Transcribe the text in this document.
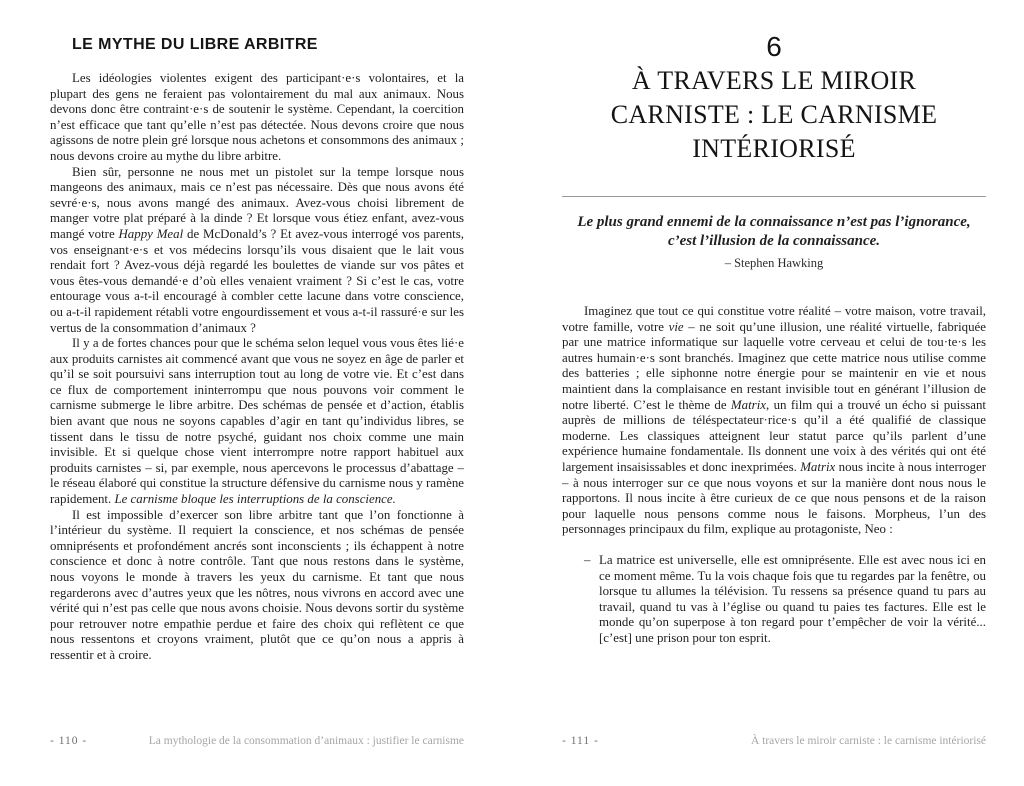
LE MYTHE DU LIBRE ARBITRE

Les idéologies violentes exigent des participant·e·s volontaires, et la plupart des gens ne feraient pas volontairement du mal aux animaux. Nous devons donc être contraint·e·s de soutenir le système. Cependant, la coercition n’est efficace que tant qu’elle n’est pas détectée. Nous devons croire que nous agissons de notre plein gré lorsque nous achetons et consommons des animaux ; nous devons croire au mythe du libre arbitre.

Bien sûr, personne ne nous met un pistolet sur la tempe lorsque nous mangeons des animaux, mais ce n’est pas nécessaire. Dès que nous avons été sevré·e·s, nous avons mangé des animaux. Avez-vous choisi librement de manger votre plat préparé à la dinde ? Et lorsque vous étiez enfant, avez-vous mangé votre Happy Meal de McDonald’s ? Et avez-vous interrogé vos parents, vos enseignant·e·s et vos médecins lorsqu’ils vous disaient que le lait vous rendait fort ? Avez-vous déjà regardé les boulettes de viande sur vos pâtes et vous êtes-vous demandé·e d’où elles venaient vraiment ? Si c’est le cas, votre entourage vous a-t-il encouragé à combler cette lacune dans votre conscience, ou a-t-il rapidement rétabli votre engourdissement et vous a-t-il rassuré·e sur les vertus de la consommation d’animaux ?

Il y a de fortes chances pour que le schéma selon lequel vous vous êtes lié·e aux produits carnistes ait commencé avant que vous ne soyez en âge de parler et qu’il se soit poursuivi sans interruption tout au long de votre vie. Et c’est dans ce flux de comportement ininterrompu que nous pouvons voir comment le carnisme submerge le libre arbitre. Des schémas de pensée et d’action, établis bien avant que nous ne soyons capables d’agir en tant qu’individus libres, se tissent dans le tissu de notre psyché, guidant nos choix comme une main invisible. Et si quelque chose vient interrompre notre rapport habituel aux produits carnistes – si, par exemple, nous apercevons le processus d’abattage – le réseau élaboré qui constitue la structure défensive du carnisme nous y ramène rapidement. Le carnisme bloque les interruptions de la conscience.

Il est impossible d’exercer son libre arbitre tant que l’on fonctionne à l’intérieur du système. Il requiert la conscience, et nos schémas de pensée omniprésents et profondément ancrés sont inconscients ; ils échappent à notre conscience et donc à notre contrôle. Tant que nous restons dans le système, nous voyons le monde à travers les yeux du carnisme. Et tant que nous regarderons avec d’autres yeux que les nôtres, nous vivrons en accord avec une vérité qui n’est pas celle que nous avons choisie. Nous devons sortir du système pour retrouver notre empathie perdue et faire des choix qui reflètent ce que nous ressentons et croyons vraiment, plutôt que ce qu’on nous a appris à ressentir et à croire.

- 110 -	La mythologie de la consommation d’animaux : justifier le carnisme
6
À TRAVERS LE MIROIR CARNISTE : LE CARNISME INTÉRIORISÉ
Le plus grand ennemi de la connaissance n’est pas l’ignorance, c’est l’illusion de la connaissance.
– Stephen Hawking

Imaginez que tout ce qui constitue votre réalité – votre maison, votre travail, votre famille, votre vie – ne soit qu’une illusion, une réalité virtuelle, fabriquée par une matrice informatique sur laquelle votre cerveau et celui de tou·te·s les autres humain·e·s sont branchés. Imaginez que cette matrice nous utilise comme des batteries ; elle siphonne notre énergie pour se maintenir en vie et nous maintient dans la complaisance en restant invisible tout en générant l’illusion de notre liberté. C’est le thème de Matrix, un film qui a trouvé un écho si puissant auprès de millions de téléspectateur·rice·s qu’il a été qualifié de classique moderne. Les classiques atteignent leur statut parce qu’ils parlent d’une expérience humaine fondamentale. Ils donnent une voix à des vérités qui ont été largement insaisissables et donc inexprimées. Matrix nous incite à nous interroger – à nous interroger sur ce que nous voyons et sur la manière dont nous nous le rapportons. Il nous incite à être curieux de ce que nous pensons et de la raison pour laquelle nous pensons comme nous le faisons. Morpheus, l’un des personnages principaux du film, explique au protagoniste, Neo :

– La matrice est universelle, elle est omniprésente. Elle est avec nous ici en ce moment même. Tu la vois chaque fois que tu regardes par la fenêtre, ou lorsque tu allumes la télévision. Tu ressens sa présence quand tu pars au travail, quand tu vas à l’église ou quand tu paies tes factures. Elle est le monde qu’on superpose à ton regard pour t’empêcher de voir la vérité... [c’est] une prison pour ton esprit.
- 111 -	À travers le miroir carniste : le carnisme intériorisé
